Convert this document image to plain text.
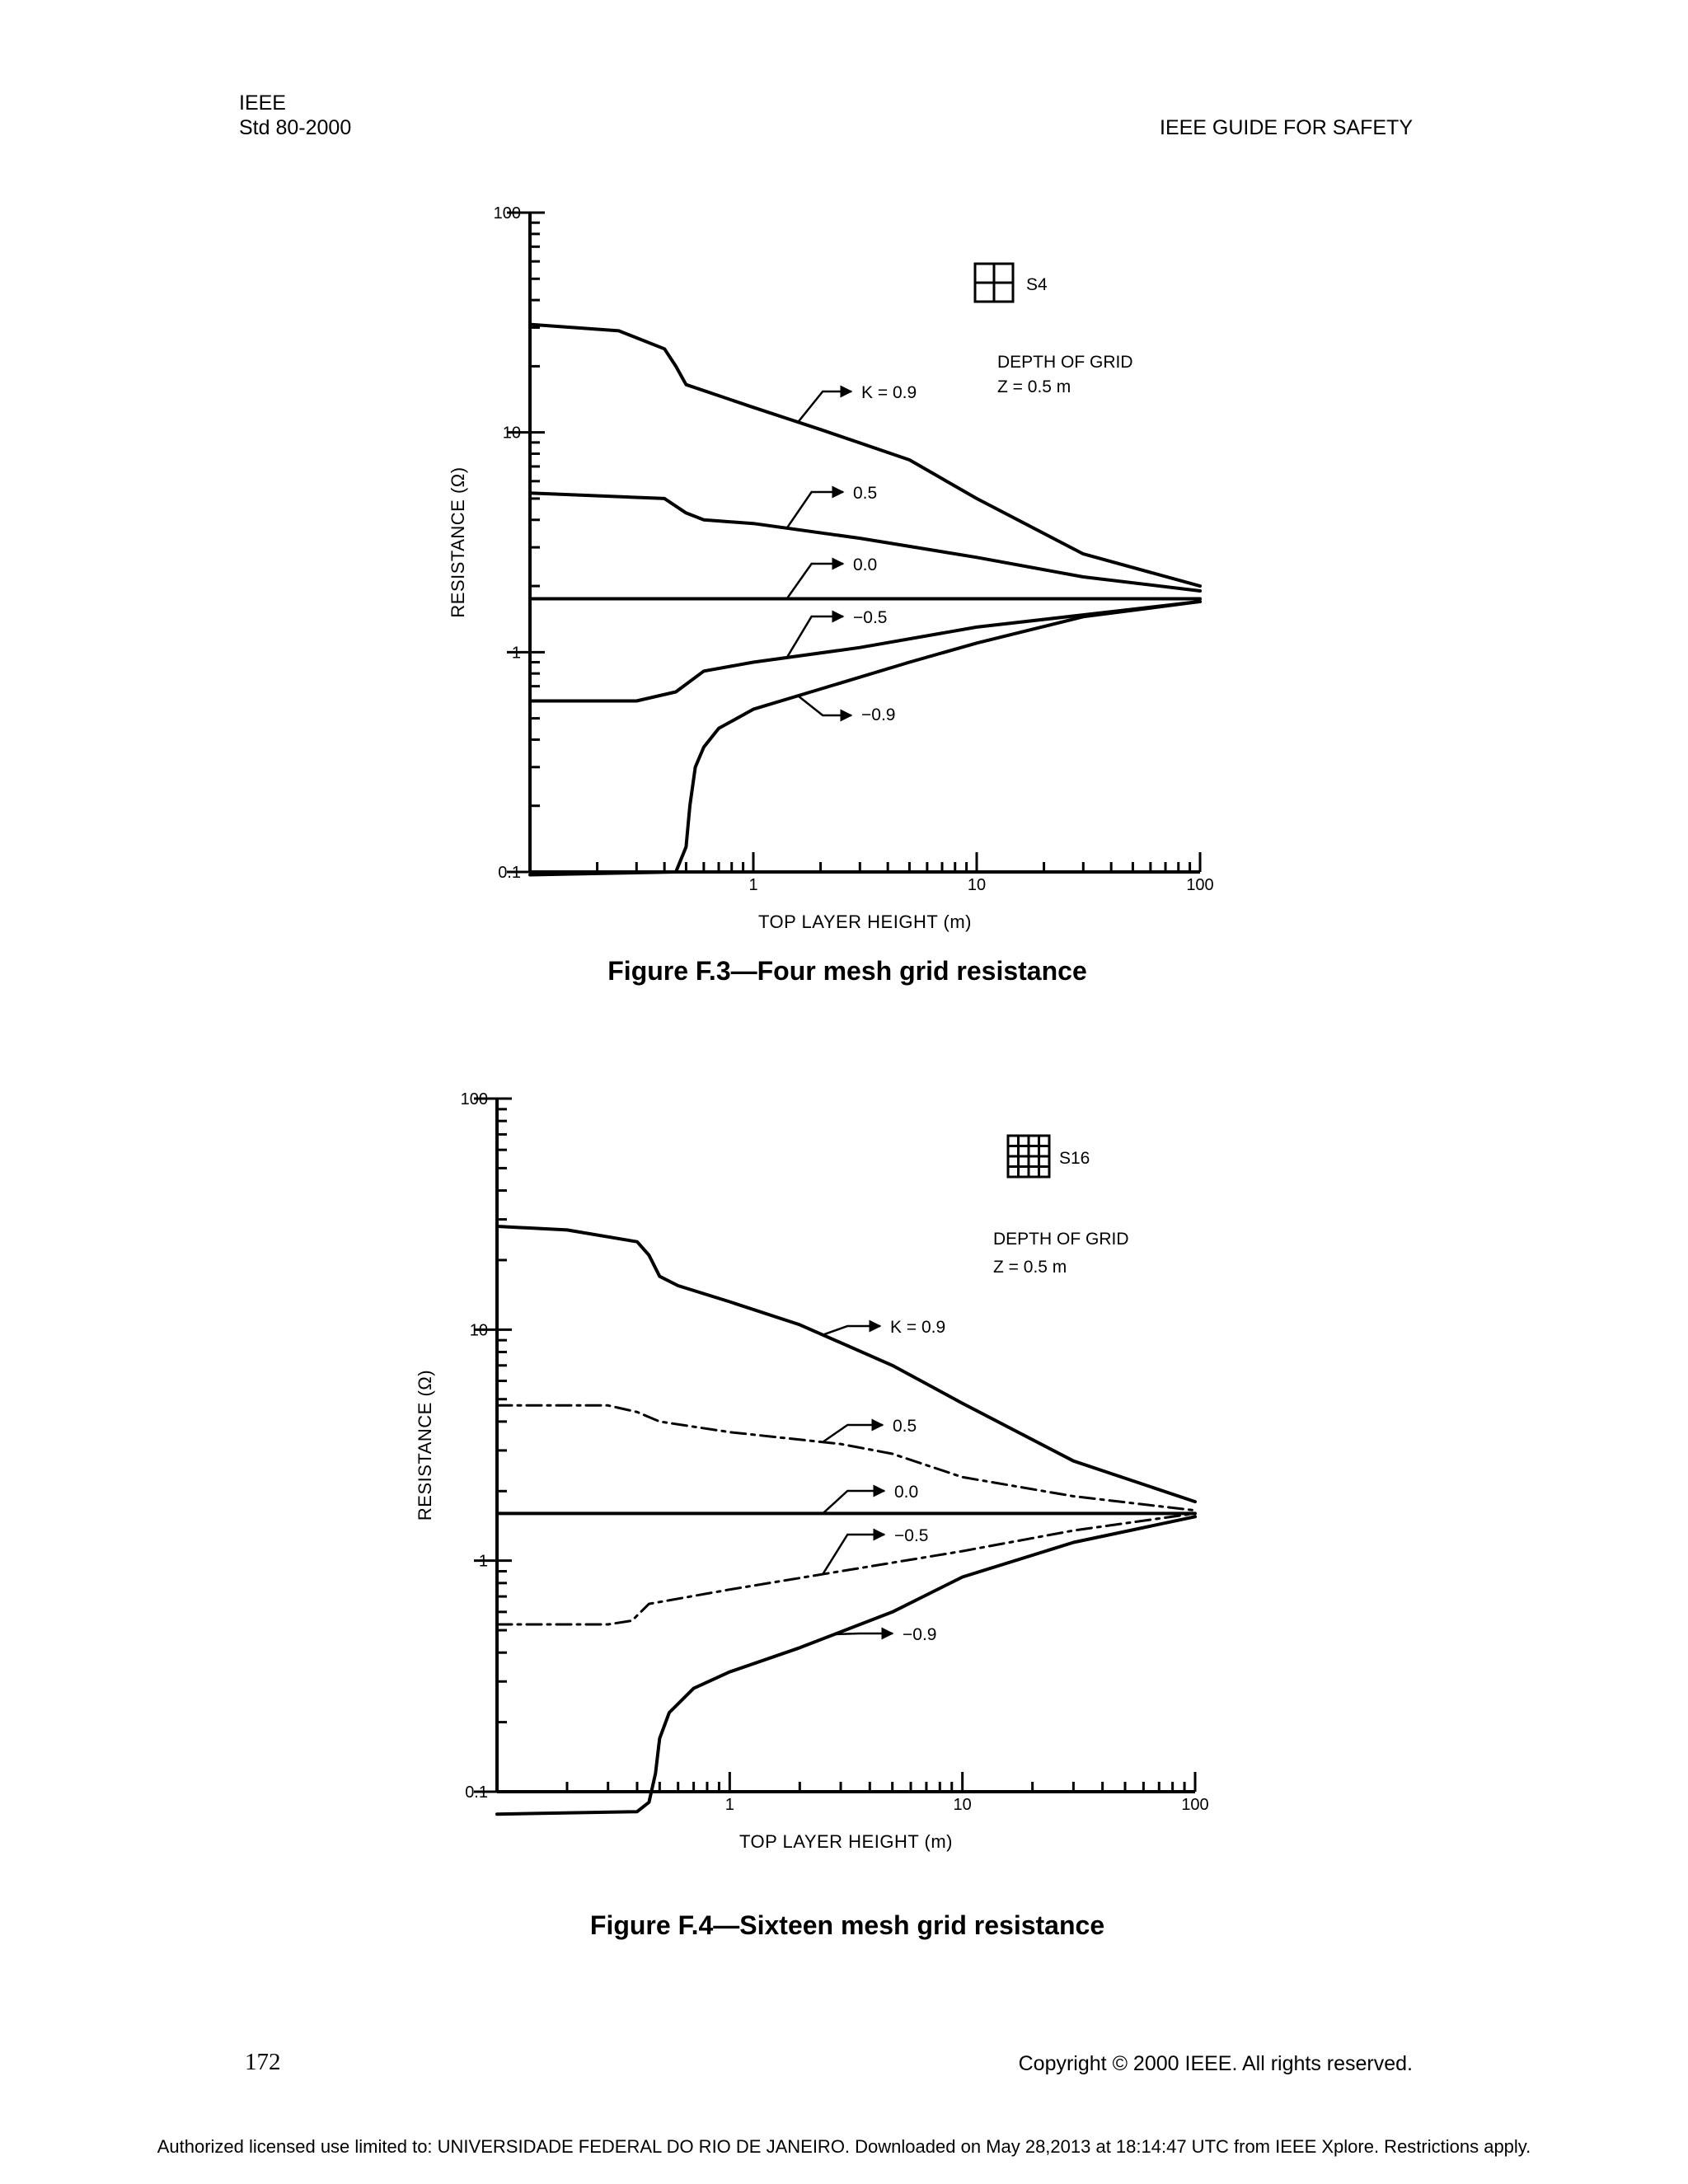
IEEE
Std 80-2000	IEEE GUIDE FOR SAFETY
100
10
1
0.1
1	10	100
TOP LAYER HEIGHT (m)
RESISTANCE (Ω)
S4
DEPTH OF GRID
Z = 0.5 m
K = 0.9
0.5
0.0
−0.5
−0.9
Figure F.3—Four mesh grid resistance
100
10
1
0.1
1	10	100
TOP LAYER HEIGHT (m)
RESISTANCE (Ω)
S16
DEPTH OF GRID
Z = 0.5 m
K = 0.9
0.5
0.0
−0.5
−0.9
Figure F.4—Sixteen mesh grid resistance
172	Copyright © 2000 IEEE. All rights reserved.
Authorized licensed use limited to: UNIVERSIDADE FEDERAL DO RIO DE JANEIRO. Downloaded on May 28,2013 at 18:14:47 UTC from IEEE Xplore. Restrictions apply.
